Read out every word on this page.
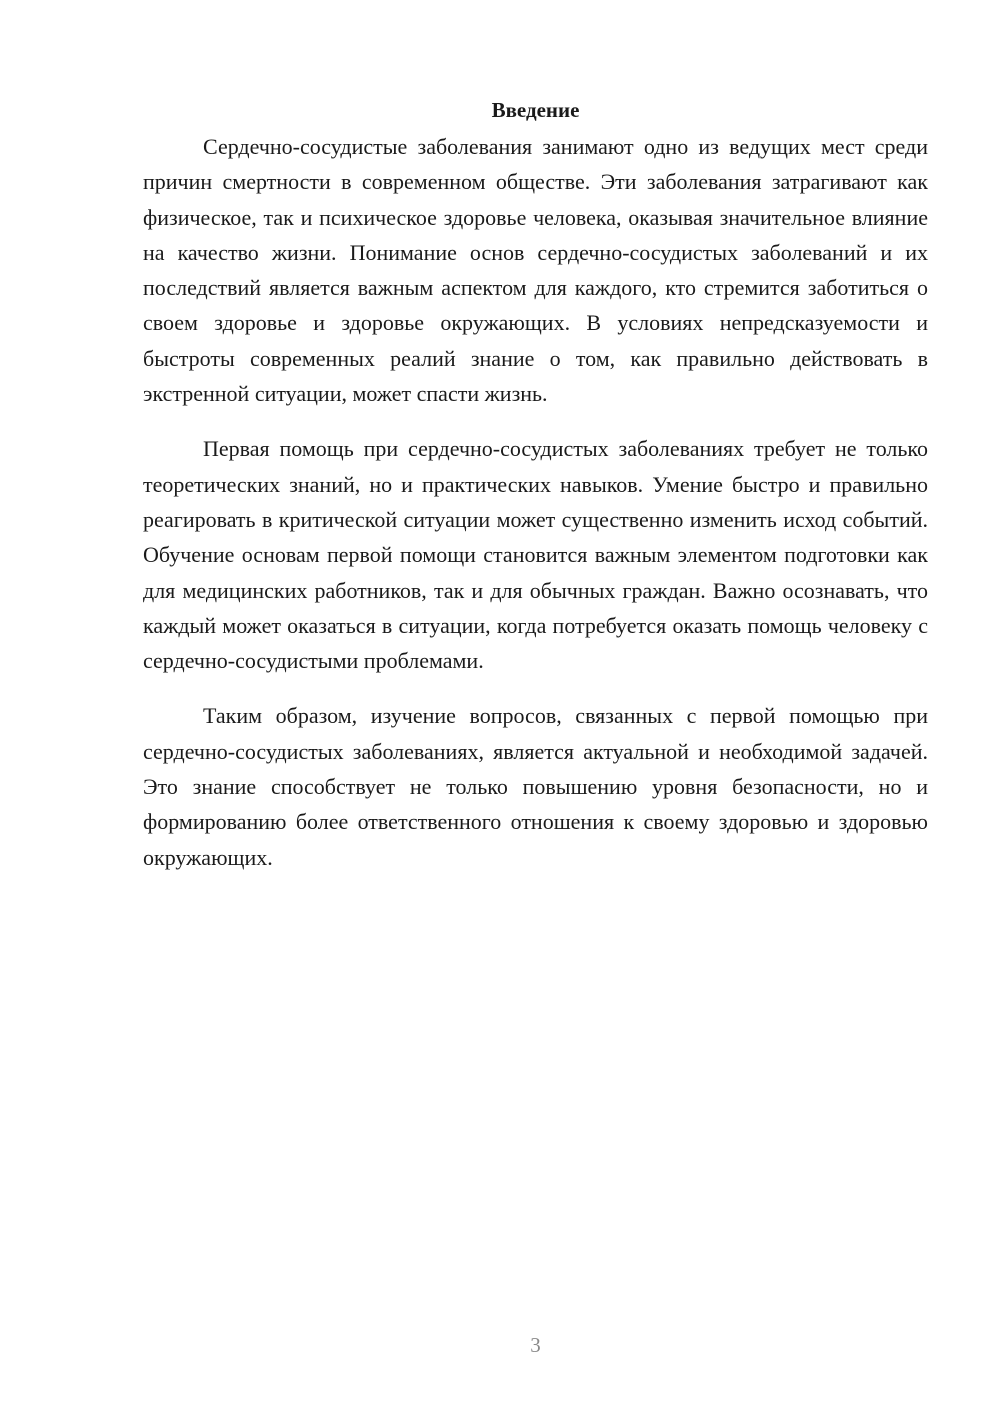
Введение

Сердечно-сосудистые заболевания занимают одно из ведущих мест среди причин смертности в современном обществе. Эти заболевания затрагивают как физическое, так и психическое здоровье человека, оказывая значительное влияние на качество жизни. Понимание основ сердечно-сосудистых заболеваний и их последствий является важным аспектом для каждого, кто стремится заботиться о своем здоровье и здоровье окружающих. В условиях непредсказуемости и быстроты современных реалий знание о том, как правильно действовать в экстренной ситуации, может спасти жизнь.

Первая помощь при сердечно-сосудистых заболеваниях требует не только теоретических знаний, но и практических навыков. Умение быстро и правильно реагировать в критической ситуации может существенно изменить исход событий. Обучение основам первой помощи становится важным элементом подготовки как для медицинских работников, так и для обычных граждан. Важно осознавать, что каждый может оказаться в ситуации, когда потребуется оказать помощь человеку с сердечно-сосудистыми проблемами.

Таким образом, изучение вопросов, связанных с первой помощью при сердечно-сосудистых заболеваниях, является актуальной и необходимой задачей. Это знание способствует не только повышению уровня безопасности, но и формированию более ответственного отношения к своему здоровью и здоровью окружающих.

3
